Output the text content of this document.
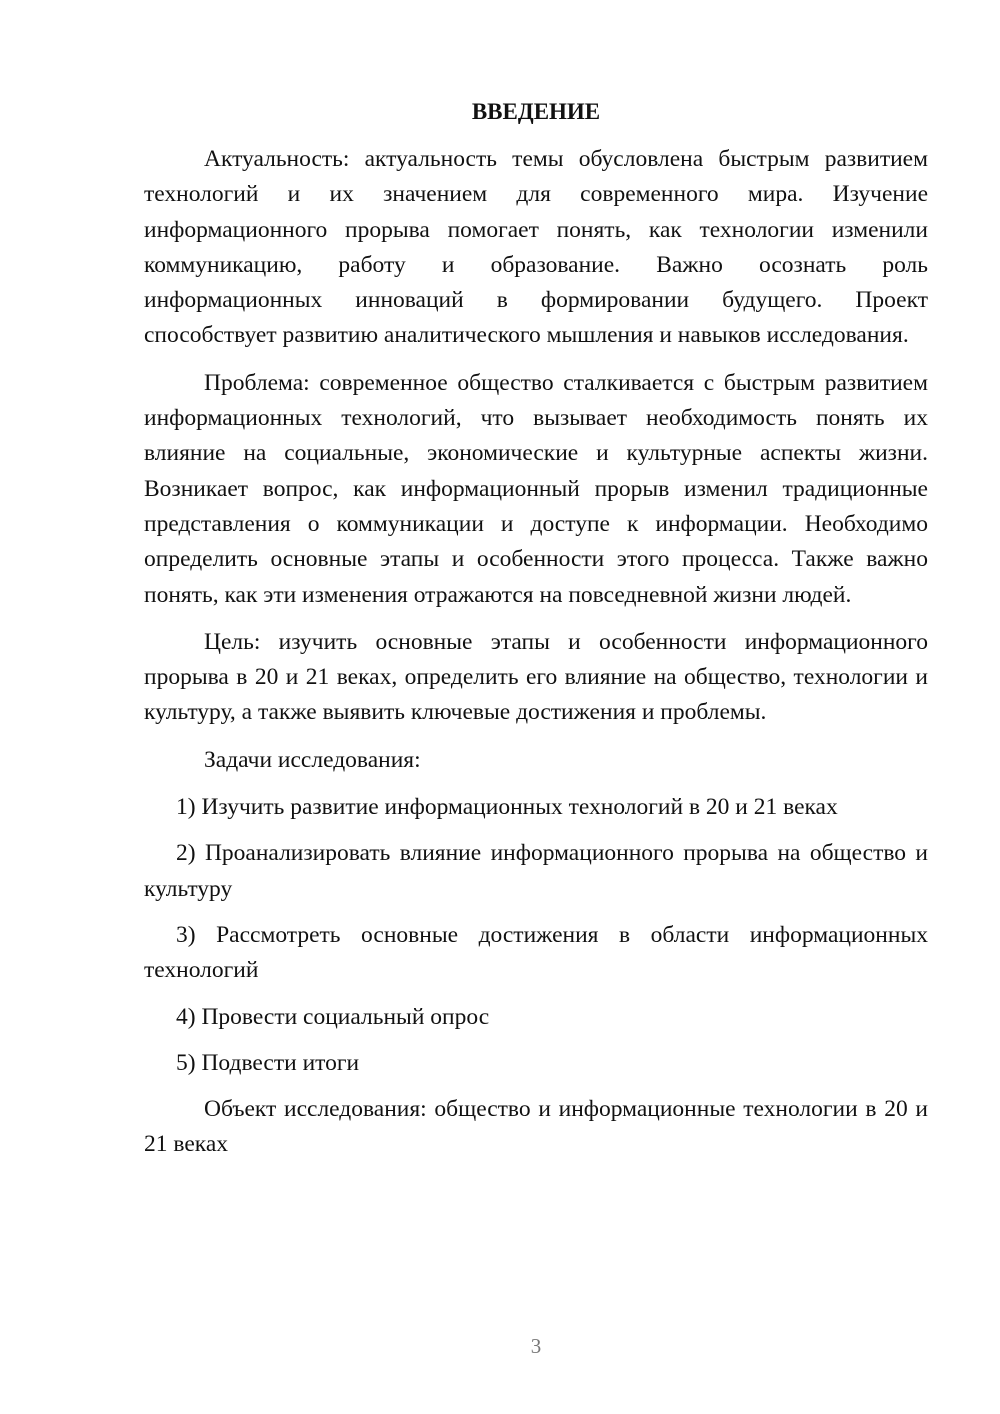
ВВЕДЕНИЕ

Актуальность: актуальность темы обусловлена быстрым развитием технологий и их значением для современного мира. Изучение информационного прорыва помогает понять, как технологии изменили коммуникацию, работу и образование. Важно осознать роль информационных инноваций в формировании будущего. Проект способствует развитию аналитического мышления и навыков исследования.

Проблема: современное общество сталкивается с быстрым развитием информационных технологий, что вызывает необходимость понять их влияние на социальные, экономические и культурные аспекты жизни. Возникает вопрос, как информационный прорыв изменил традиционные представления о коммуникации и доступе к информации. Необходимо определить основные этапы и особенности этого процесса. Также важно понять, как эти изменения отражаются на повседневной жизни людей.

Цель: изучить основные этапы и особенности информационного прорыва в 20 и 21 веках, определить его влияние на общество, технологии и культуру, а также выявить ключевые достижения и проблемы.

Задачи исследования:

1) Изучить развитие информационных технологий в 20 и 21 веках

2) Проанализировать влияние информационного прорыва на общество и культуру

3) Рассмотреть основные достижения в области информационных технологий

4) Провести социальный опрос

5) Подвести итоги

Объект исследования: общество и информационные технологии в 20 и 21 веках

3
